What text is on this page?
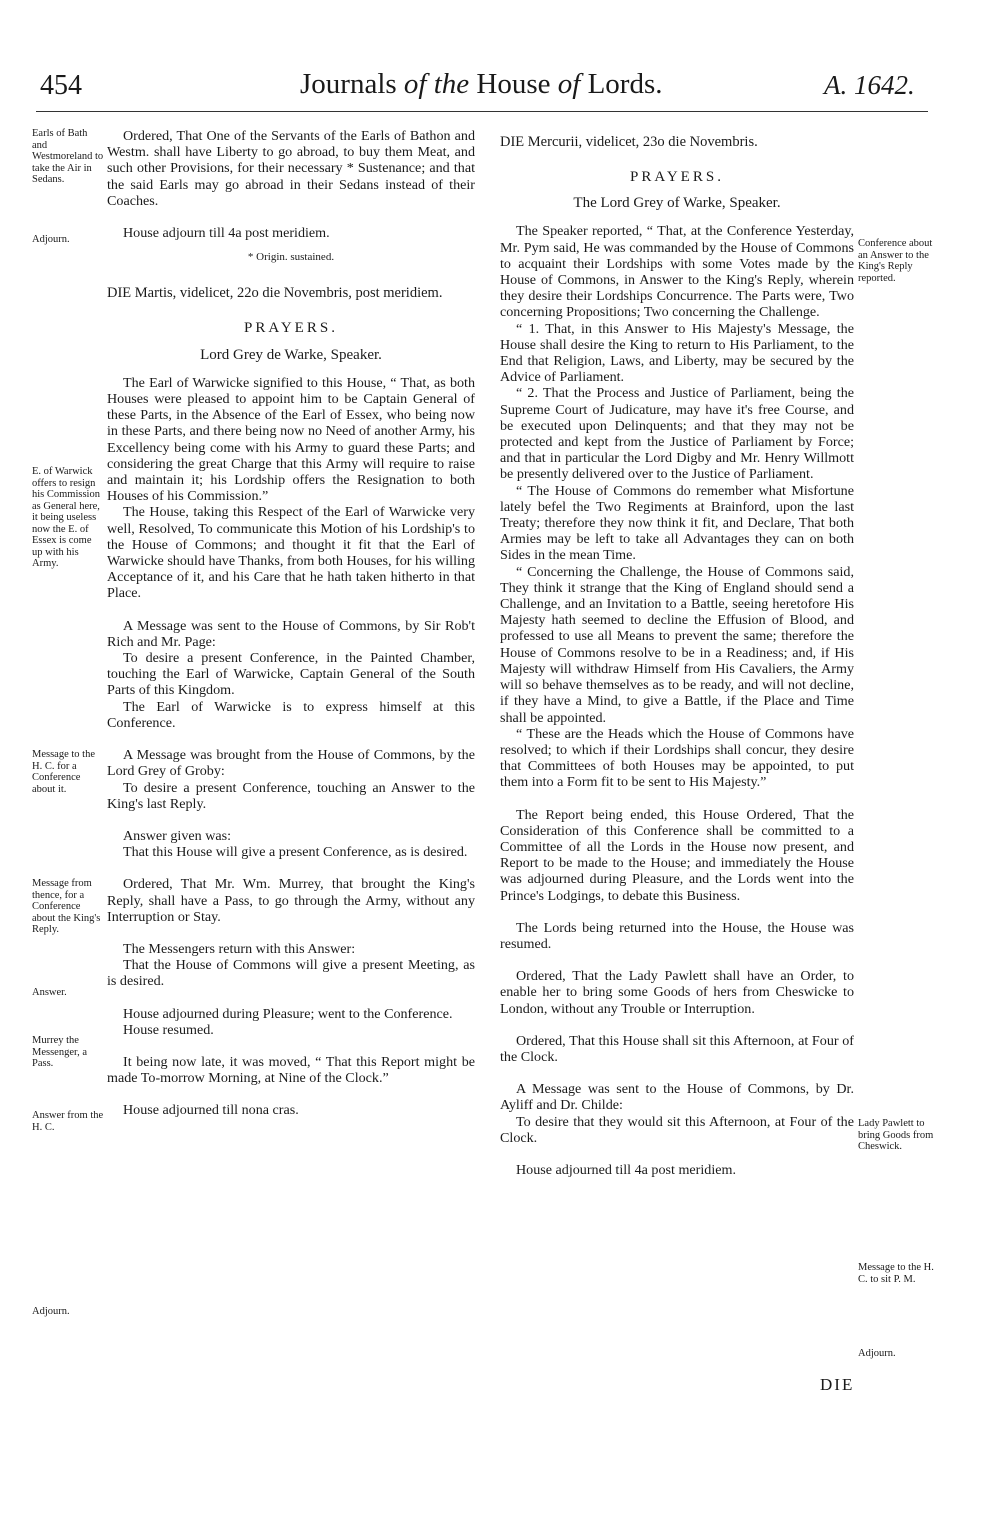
454	Journals of the House of Lords.	A. 1642.

Ordered, That One of the Servants of the Earls of Bathon and Westm. shall have Liberty to go abroad, to buy them Meat, and such other Provisions, for their necessary * Sustenance; and that the said Earls may go abroad in their Sedans instead of their Coaches.

House adjourn till 4a post meridiem.

* Origin. sustained.
DIE Martis, videlicet, 22o die Novembris, post meridiem.
PRAYERS.
Lord Grey de Warke, Speaker.

The Earl of Warwicke signified to this House, “ That, as both Houses were pleased to appoint him to be Captain General of these Parts, in the Absence of the Earl of Essex, who being now in these Parts, and there being now no Need of another Army, his Excellency being come with his Army to guard these Parts; and considering the great Charge that this Army will require to raise and maintain it; his Lordship offers the Resignation to both Houses of his Commission.”

The House, taking this Respect of the Earl of Warwicke very well, Resolved, To communicate this Motion of his Lordship's to the House of Commons; and thought it fit that the Earl of Warwicke should have Thanks, from both Houses, for his willing Acceptance of it, and his Care that he hath taken hitherto in that Place.

A Message was sent to the House of Commons, by Sir Rob't Rich and Mr. Page:

To desire a present Conference, in the Painted Chamber, touching the Earl of Warwicke, Captain General of the South Parts of this Kingdom.

The Earl of Warwicke is to express himself at this Conference.

A Message was brought from the House of Commons, by the Lord Grey of Groby:

To desire a present Conference, touching an Answer to the King's last Reply.

Answer given was:

That this House will give a present Conference, as is desired.

Ordered, That Mr. Wm. Murrey, that brought the King's Reply, shall have a Pass, to go through the Army, without any Interruption or Stay.

The Messengers return with this Answer:

That the House of Commons will give a present Meeting, as is desired.

House adjourned during Pleasure; went to the Conference.

House resumed.

It being now late, it was moved, “ That this Report might be made To-morrow Morning, at Nine of the Clock.”

House adjourned till nona cras.

Earls of Bath and Westmoreland to take the Air in Sedans.
Adjourn.
E. of Warwick offers to resign his Commission as General here, it being useless now the E. of Essex is come up with his Army.
Message to the H. C. for a Conference about it.
Message from thence, for a Conference about the King's Reply.
Answer.
Murrey the Messenger, a Pass.
Answer from the H. C.
Adjourn.
DIE Mercurii, videlicet, 23o die Novembris.
PRAYERS.
The Lord Grey of Warke, Speaker.

The Speaker reported, “ That, at the Conference Yesterday, Mr. Pym said, He was commanded by the House of Commons to acquaint their Lordships with some Votes made by the House of Commons, in Answer to the King's Reply, wherein they desire their Lordships Concurrence. The Parts were, Two concerning Propositions; Two concerning the Challenge.

“ 1. That, in this Answer to His Majesty's Message, the House shall desire the King to return to His Parliament, to the End that Religion, Laws, and Liberty, may be secured by the Advice of Parliament.

“ 2. That the Process and Justice of Parliament, being the Supreme Court of Judicature, may have it's free Course, and be executed upon Delinquents; and that they may not be protected and kept from the Justice of Parliament by Force; and that in particular the Lord Digby and Mr. Henry Willmott be presently delivered over to the Justice of Parliament.

“ The House of Commons do remember what Misfortune lately befel the Two Regiments at Brainford, upon the last Treaty; therefore they now think it fit, and Declare, That both Armies may be left to take all Advantages they can on both Sides in the mean Time.

“ Concerning the Challenge, the House of Commons said, They think it strange that the King of England should send a Challenge, and an Invitation to a Battle, seeing heretofore His Majesty hath seemed to decline the Effusion of Blood, and professed to use all Means to prevent the same; therefore the House of Commons resolve to be in a Readiness; and, if His Majesty will withdraw Himself from His Cavaliers, the Army will so behave themselves as to be ready, and will not decline, if they have a Mind, to give a Battle, if the Place and Time shall be appointed.

“ These are the Heads which the House of Commons have resolved; to which if their Lordships shall concur, they desire that Committees of both Houses may be appointed, to put them into a Form fit to be sent to His Majesty.”

The Report being ended, this House Ordered, That the Consideration of this Conference shall be committed to a Committee of all the Lords in the House now present, and Report to be made to the House; and immediately the House was adjourned during Pleasure, and the Lords went into the Prince's Lodgings, to debate this Business.

The Lords being returned into the House, the House was resumed.

Ordered, That the Lady Pawlett shall have an Order, to enable her to bring some Goods of hers from Cheswicke to London, without any Trouble or Interruption.

Ordered, That this House shall sit this Afternoon, at Four of the Clock.

A Message was sent to the House of Commons, by Dr. Ayliff and Dr. Childe:

To desire that they would sit this Afternoon, at Four of the Clock.

House adjourned till 4a post meridiem.

Conference about an Answer to the King's Reply reported.
Lady Pawlett to bring Goods from Cheswick.
Message to the H. C. to sit P. M.
Adjourn.
DIE
